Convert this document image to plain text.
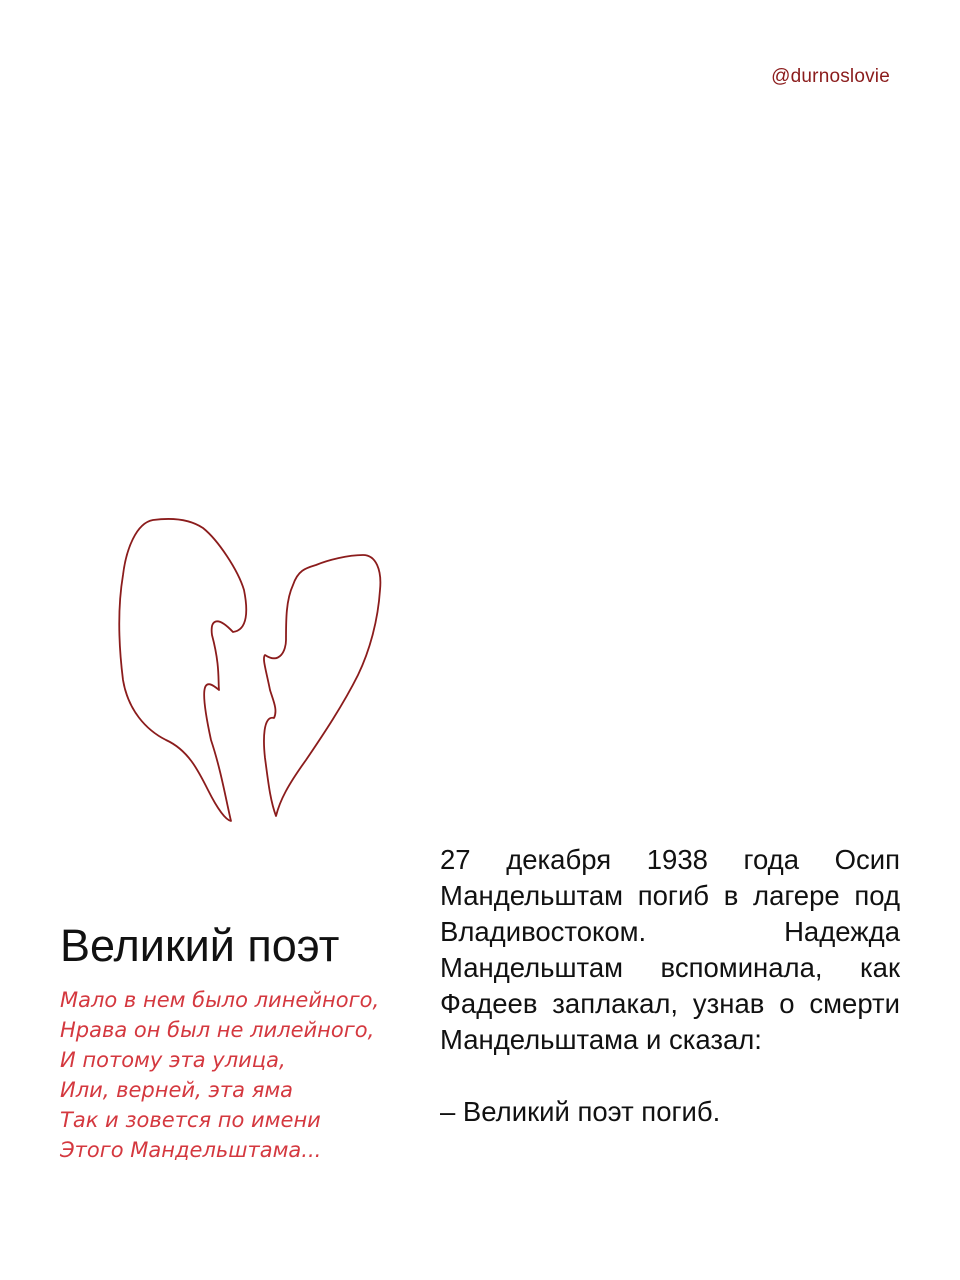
@durnoslovie
Великий поэт
Мало в нем было линейного,
Нрава он был не лилейного,
И потому эта улица,
Или, верней, эта яма
Так и зовется по имени
Этого Мандельштама...

27 декабря 1938 года Осип Мандельштам погиб в лагере под Владивостоком. Надежда Мандельштам вспоминала, как Фадеев заплакал, узнав о смерти Мандельштама и сказал:

– Великий поэт погиб.
